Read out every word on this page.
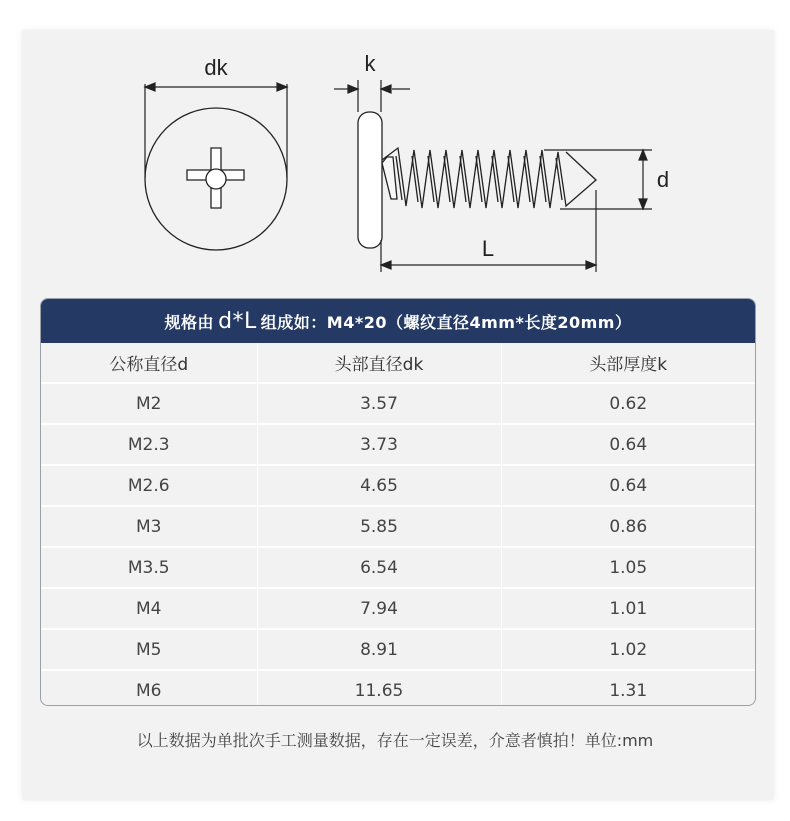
dk	k
d
L
规格由 d*L 组成如：M4*20（螺纹直径4mm*长度20mm）
公称直径d	头部直径dk	头部厚度k
M2	3.57	0.62
M2.3	3.73	0.64
M2.6	4.65	0.64
M3	5.85	0.86
M3.5	6.54	1.05
M4	7.94	1.01
M5	8.91	1.02
M6	11.65	1.31
以上数据为单批次手工测量数据，存在一定误差，介意者慎拍！单位:mm
